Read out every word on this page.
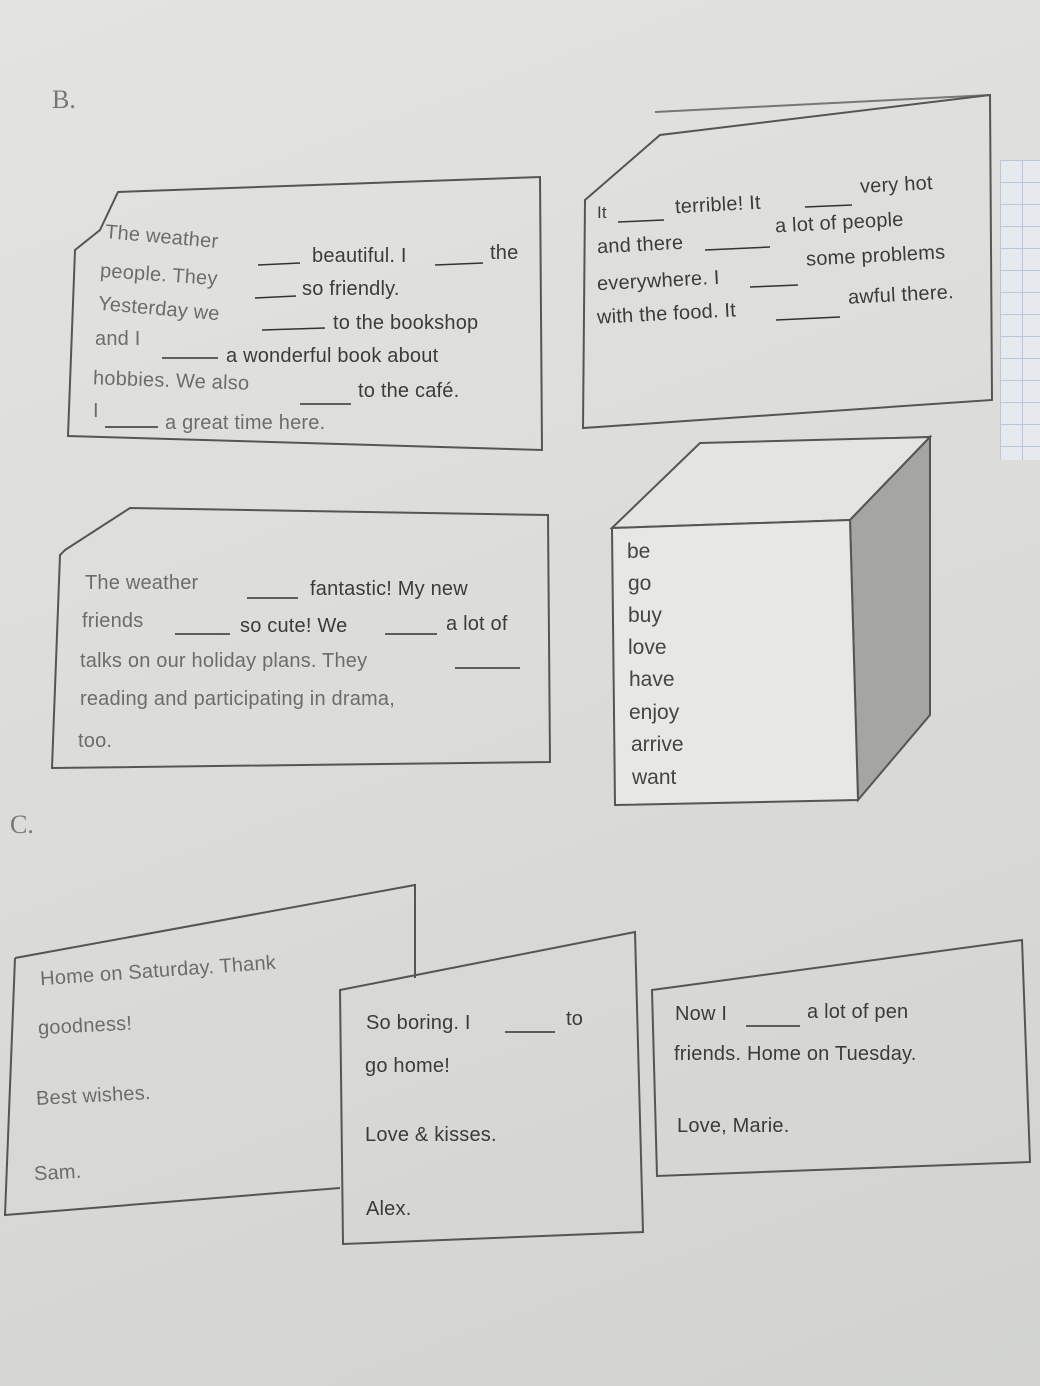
B.
The weather
beautiful. I	the
people. They	so friendly.
Yesterday we	to the bookshop
and I
a wonderful book about
hobbies. We also	to the café.
I
a great time here.
It	terrible! It
very hot
and there
a lot of people
everywhere. I
some problems
with the food. It
awful there.
The weather	fantastic! My new
friends	so cute! We	a lot of
talks on our holiday plans. They
reading and participating in drama,
too.
be
go
buy
love
have
enjoy
arrive
want
C.
Home on Saturday. Thank
goodness!
Best wishes.
Sam.
So boring. I	to
go home!
Love & kisses.
Alex.
Now I	a lot of pen
friends. Home on Tuesday.
Love, Marie.
